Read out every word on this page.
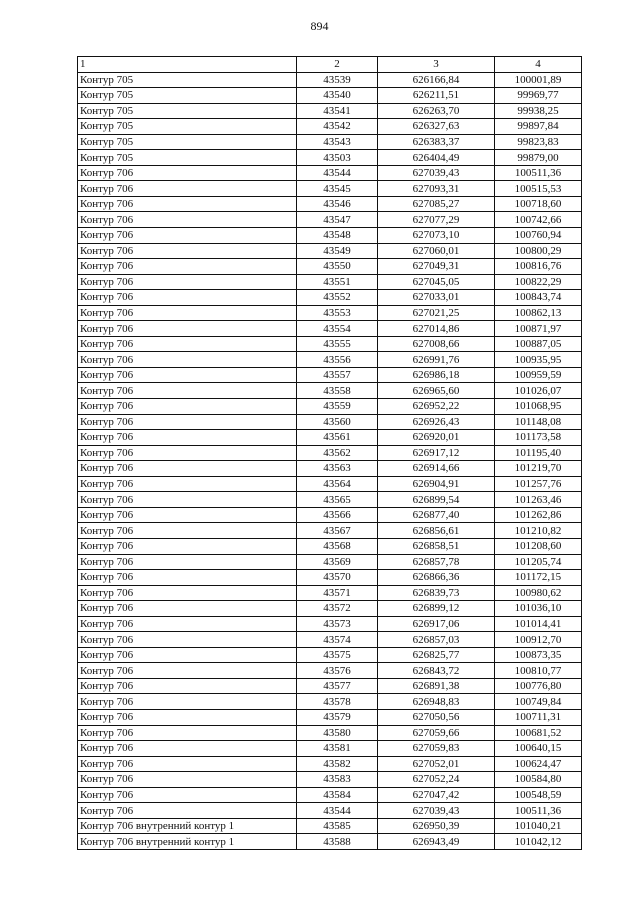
894
1	2	3	4
Контур 705	43539	626166,84	100001,89
Контур 705	43540	626211,51	99969,77
Контур 705	43541	626263,70	99938,25
Контур 705	43542	626327,63	99897,84
Контур 705	43543	626383,37	99823,83
Контур 705	43503	626404,49	99879,00
Контур 706	43544	627039,43	100511,36
Контур 706	43545	627093,31	100515,53
Контур 706	43546	627085,27	100718,60
Контур 706	43547	627077,29	100742,66
Контур 706	43548	627073,10	100760,94
Контур 706	43549	627060,01	100800,29
Контур 706	43550	627049,31	100816,76
Контур 706	43551	627045,05	100822,29
Контур 706	43552	627033,01	100843,74
Контур 706	43553	627021,25	100862,13
Контур 706	43554	627014,86	100871,97
Контур 706	43555	627008,66	100887,05
Контур 706	43556	626991,76	100935,95
Контур 706	43557	626986,18	100959,59
Контур 706	43558	626965,60	101026,07
Контур 706	43559	626952,22	101068,95
Контур 706	43560	626926,43	101148,08
Контур 706	43561	626920,01	101173,58
Контур 706	43562	626917,12	101195,40
Контур 706	43563	626914,66	101219,70
Контур 706	43564	626904,91	101257,76
Контур 706	43565	626899,54	101263,46
Контур 706	43566	626877,40	101262,86
Контур 706	43567	626856,61	101210,82
Контур 706	43568	626858,51	101208,60
Контур 706	43569	626857,78	101205,74
Контур 706	43570	626866,36	101172,15
Контур 706	43571	626839,73	100980,62
Контур 706	43572	626899,12	101036,10
Контур 706	43573	626917,06	101014,41
Контур 706	43574	626857,03	100912,70
Контур 706	43575	626825,77	100873,35
Контур 706	43576	626843,72	100810,77
Контур 706	43577	626891,38	100776,80
Контур 706	43578	626948,83	100749,84
Контур 706	43579	627050,56	100711,31
Контур 706	43580	627059,66	100681,52
Контур 706	43581	627059,83	100640,15
Контур 706	43582	627052,01	100624,47
Контур 706	43583	627052,24	100584,80
Контур 706	43584	627047,42	100548,59
Контур 706	43544	627039,43	100511,36
Контур 706 внутренний контур 1	43585	626950,39	101040,21
Контур 706 внутренний контур 1	43588	626943,49	101042,12
